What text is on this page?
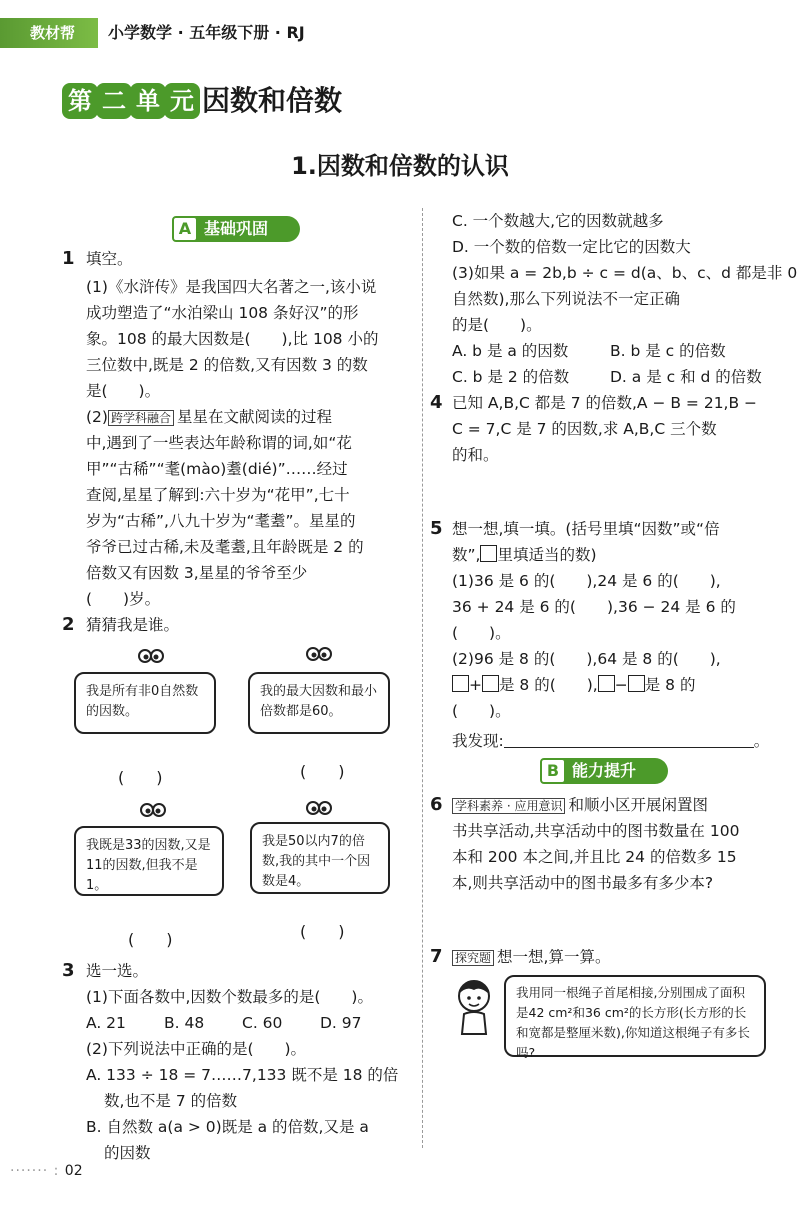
教材帮	小学数学 · 五年级下册 · RJ
第 二 单 元 因数和倍数
1.因数和倍数的认识
A 基础巩固
1 填空。
(1)《水浒传》是我国四大名著之一,该小说
成功塑造了“水泊梁山 108 条好汉”的形
象。108 的最大因数是(　　),比 108 小的
三位数中,既是 2 的倍数,又有因数 3 的数
是(　　)。
(2) 跨学科融合 星星在文献阅读的过程
中,遇到了一些表达年龄称谓的词,如“花
甲”“古稀”“耄(mào)耋(dié)”……经过
查阅,星星了解到:六十岁为“花甲”,七十
岁为“古稀”,八九十岁为“耄耋”。星星的
爷爷已过古稀,未及耄耋,且年龄既是 2 的
倍数又有因数 3,星星的爷爷至少
(　　)岁。
2 猜猜我是谁。
我是所有非0自然数的因数。
(　　)
我的最大因数和最小倍数都是60。
(　　)
我既是33的因数,又是11的因数,但我不是1。
(　　)
我是50以内7的倍数,我的其中一个因数是4。
(　　)
3 选一选。
(1)下面各数中,因数个数最多的是(　　)。
A. 21 B. 48 C. 60 D. 97
(2)下列说法中正确的是(　　)。
A. 133 ÷ 18 = 7……7,133 既不是 18 的倍
数,也不是 7 的倍数
B. 自然数 a(a > 0)既是 a 的倍数,又是 a
的因数
C. 一个数越大,它的因数就越多
D. 一个数的倍数一定比它的因数大
(3)如果 a = 2b,b ÷ c = d(a、b、c、d 都是非 0
自然数),那么下列说法不一定正确
的是(　　)。
A. b 是 a 的因数	B. b 是 c 的倍数
C. b 是 2 的倍数	D. a 是 c 和 d 的倍数
4 已知 A,B,C 都是 7 的倍数,A − B = 21,B −
C = 7,C 是 7 的因数,求 A,B,C 三个数
的和。
5 想一想,填一填。(括号里填“因数”或“倍
数”, 里填适当的数)
(1)36 是 6 的(　　),24 是 6 的(　　),
36 + 24 是 6 的(　　),36 − 24 是 6 的
(　　)。
(2)96 是 8 的(　　),64 是 8 的(　　),
+ 是 8 的(　　), − 是 8 的
(　　)。
我发现:	。
B 能力提升
6 学科素养 · 应用意识 和顺小区开展闲置图
书共享活动,共享活动中的图书数量在 100
本和 200 本之间,并且比 24 的倍数多 15
本,则共享活动中的图书最多有多少本?
7 探究题 想一想,算一算。
我用同一根绳子首尾相接,分别围成了面积是42 cm²和36 cm²的长方形(长方形的长和宽都是整厘米数),你知道这根绳子有多长吗?
······· : 02
